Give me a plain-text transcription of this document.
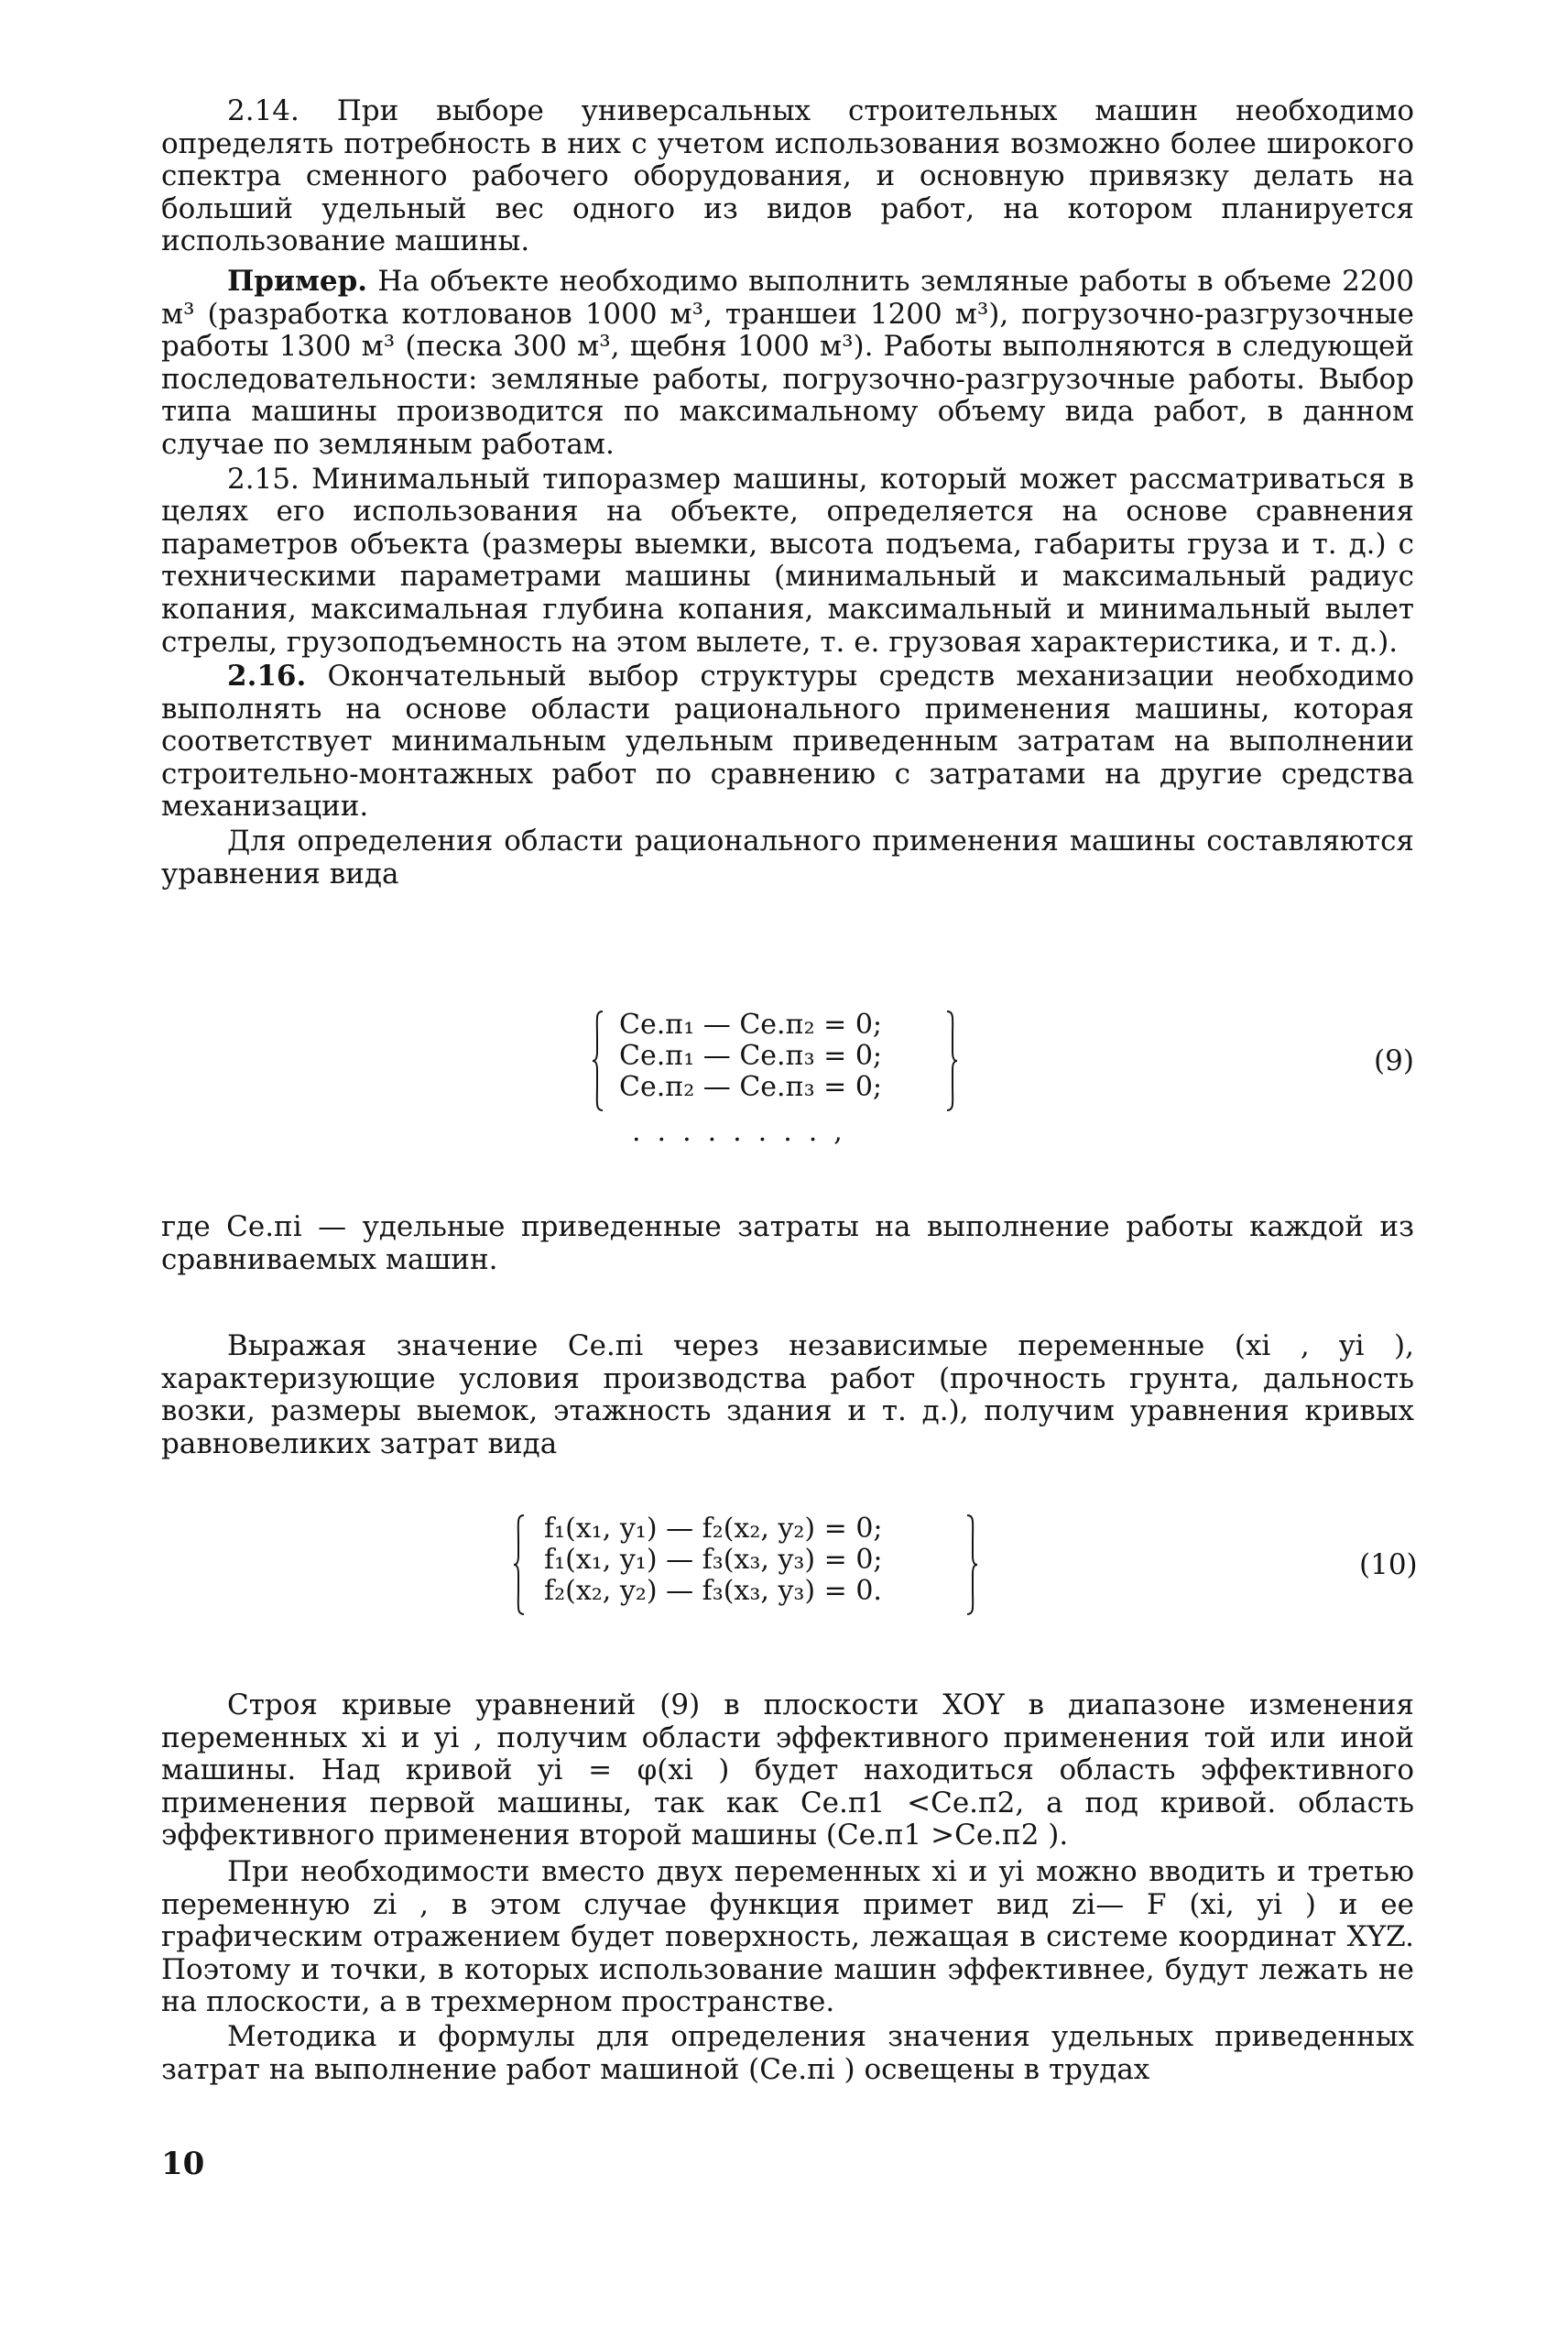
2.14. При выборе универсальных строительных машин необходимо определять потребность в них с учетом использования возможно более широкого спектра сменного рабочего оборудования, и основную привязку делать на больший удельный вес одного из видов работ, на котором планируется использование машины.

Пример. На объекте необходимо выполнить земляные работы в объеме 2200 м³ (разработка котлованов 1000 м³, траншеи 1200 м³), погрузочно-разгрузочные работы 1300 м³ (песка 300 м³, щебня 1000 м³). Работы выполняются в следующей последовательности: земляные работы, погрузочно-разгрузочные работы. Выбор типа машины производится по максимальному объему вида работ, в данном случае по земляным работам.

2.15. Минимальный типоразмер машины, который может рассматриваться в целях его использования на объекте, определяется на основе сравнения параметров объекта (размеры выемки, высота подъема, габариты груза и т. д.) с техническими параметрами машины (минимальный и максимальный радиус копания, максимальная глубина копания, максимальный и минимальный вылет стрелы, грузоподъемность на этом вылете, т. е. грузовая характеристика, и т. д.).

2.16. Окончательный выбор структуры средств механизации необходимо выполнять на основе области рационального применения машины, которая соответствует минимальным удельным приведенным затратам на выполнении строительно-монтажных работ по сравнению с затратами на другие средства механизации.

Для определения области рационального применения машины составляются уравнения вида

Cе.п₁ — Cе.п₂ = 0;
Cе.п₁ — Cе.п₃ = 0;
Cе.п₂ — Cе.п₃ = 0;
........,
(9)

где Cе.пi — удельные приведенные затраты на выполнение работы каждой из сравниваемых машин.

Выражая значение Cе.пi через независимые переменные (xi , yi ), характеризующие условия производства работ (прочность грунта, дальность возки, размеры выемок, этажность здания и т. д.), получим уравнения кривых равновеликих затрат вида

f₁(x₁, y₁) — f₂(x₂, y₂) = 0;
f₁(x₁, y₁) — f₃(x₃, y₃) = 0;
f₂(x₂, y₂) — f₃(x₃, y₃) = 0.
(10)

Строя кривые уравнений (9) в плоскости XOY в диапазоне изменения переменных xi и yi , получим области эффективного применения той или иной машины. Над кривой yi = φ(xi ) будет находиться область эффективного применения первой машины, так как Cе.п1 <Cе.п2, а под кривой. область эффективного применения второй машины (Cе.п1 >Cе.п2 ).

При необходимости вместо двух переменных xi и yi можно вводить и третью переменную zi , в этом случае функция примет вид zi— F (xi, yi ) и ее графическим отражением будет поверхность, лежащая в системе координат XYZ. Поэтому и точки, в которых использование машин эффективнее, будут лежать не на плоскости, а в трехмерном пространстве.

Методика и формулы для определения значения удельных приведенных затрат на выполнение работ машиной (Cе.пi ) освещены в трудах

10
